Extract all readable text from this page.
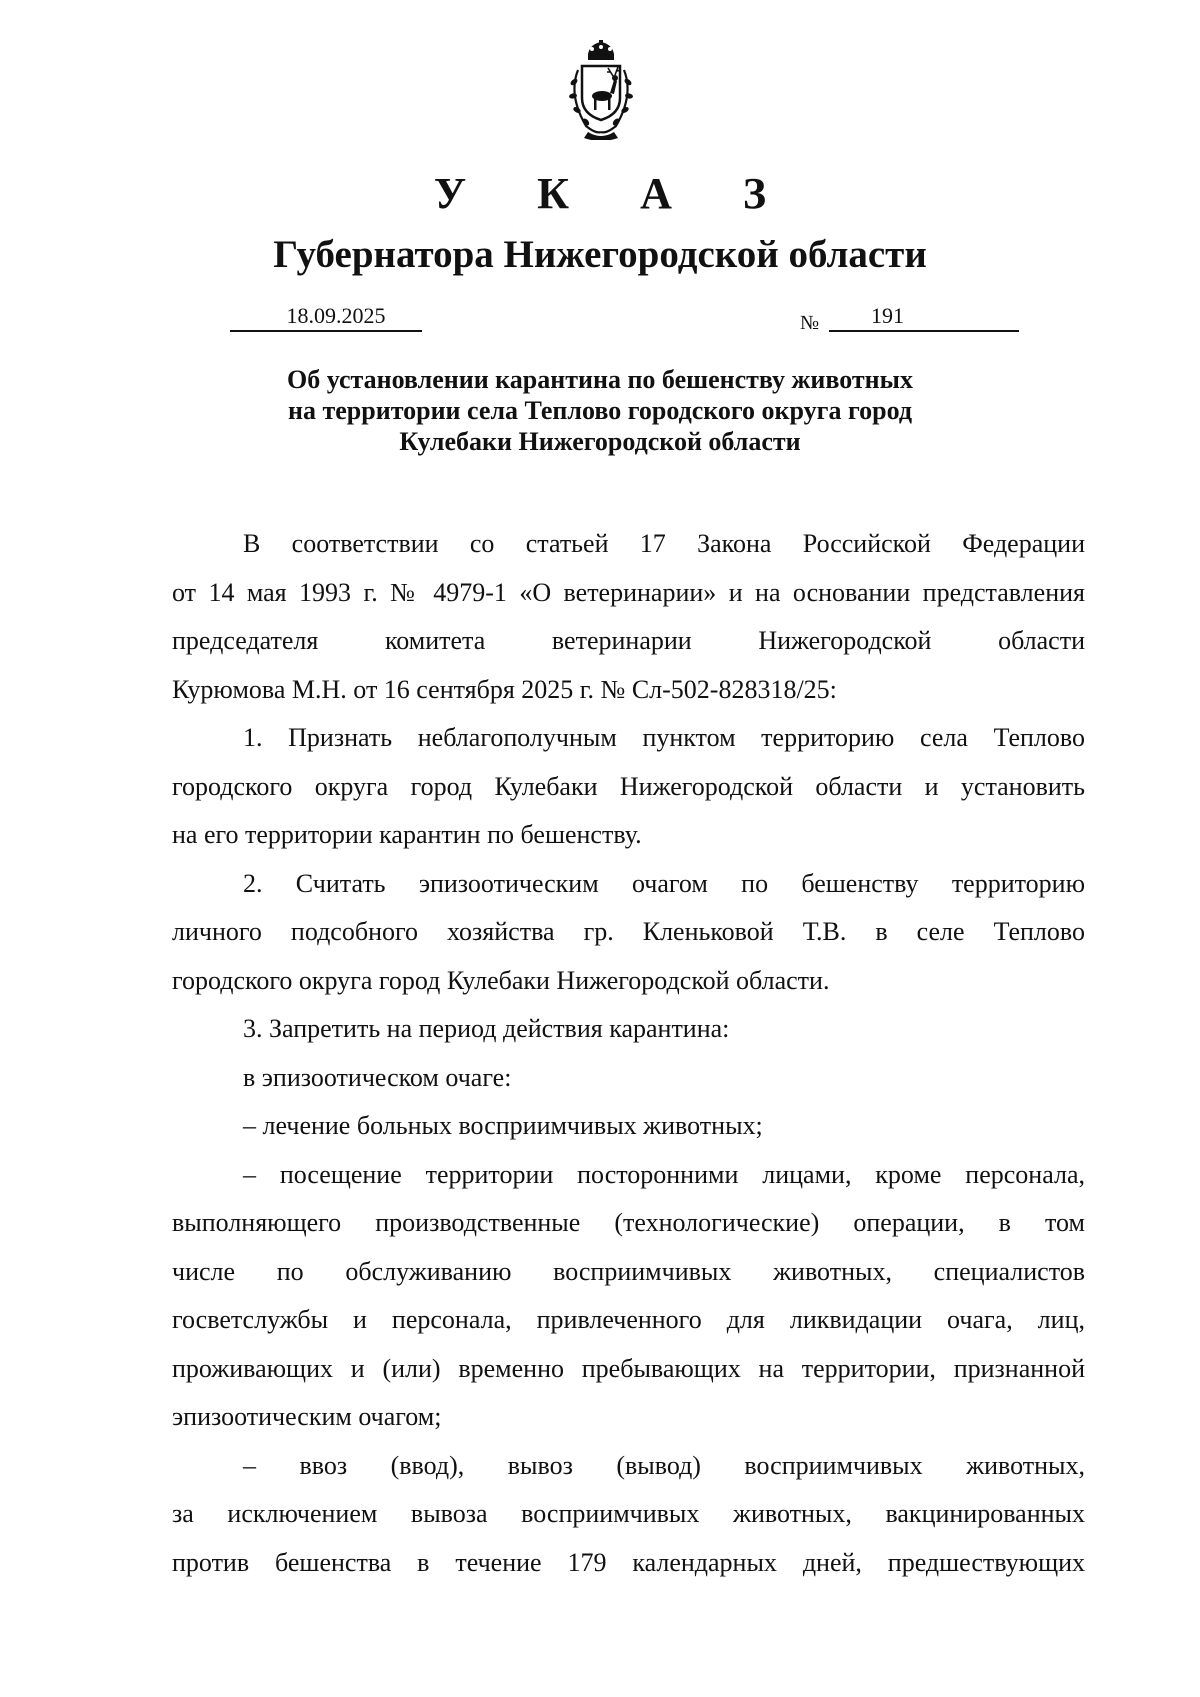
У К А З
Губернатора Нижегородской области
18.09.2025	№	191
Об установлении карантина по бешенству животных
на территории села Теплово городского округа город
Кулебаки Нижегородской области
В соответствии со статьей 17 Закона Российской Федерации
от 14 мая 1993 г. № 4979-1 «О ветеринарии» и на основании представления
председателя комитета ветеринарии Нижегородской области
Курюмова М.Н. от 16 сентября 2025 г. № Сл-502-828318/25:
1. Признать неблагополучным пунктом территорию села Теплово
городского округа город Кулебаки Нижегородской области и установить
на его территории карантин по бешенству.
2. Считать эпизоотическим очагом по бешенству территорию
личного подсобного хозяйства гр. Кленьковой Т.В. в селе Теплово
городского округа город Кулебаки Нижегородской области.
3. Запретить на период действия карантина:
в эпизоотическом очаге:
– лечение больных восприимчивых животных;
– посещение территории посторонними лицами, кроме персонала,
выполняющего производственные (технологические) операции, в том
числе по обслуживанию восприимчивых животных, специалистов
госветслужбы и персонала, привлеченного для ликвидации очага, лиц,
проживающих и (или) временно пребывающих на территории, признанной
эпизоотическим очагом;
– ввоз (ввод), вывоз (вывод) восприимчивых животных,
за исключением вывоза восприимчивых животных, вакцинированных
против бешенства в течение 179 календарных дней, предшествующих
